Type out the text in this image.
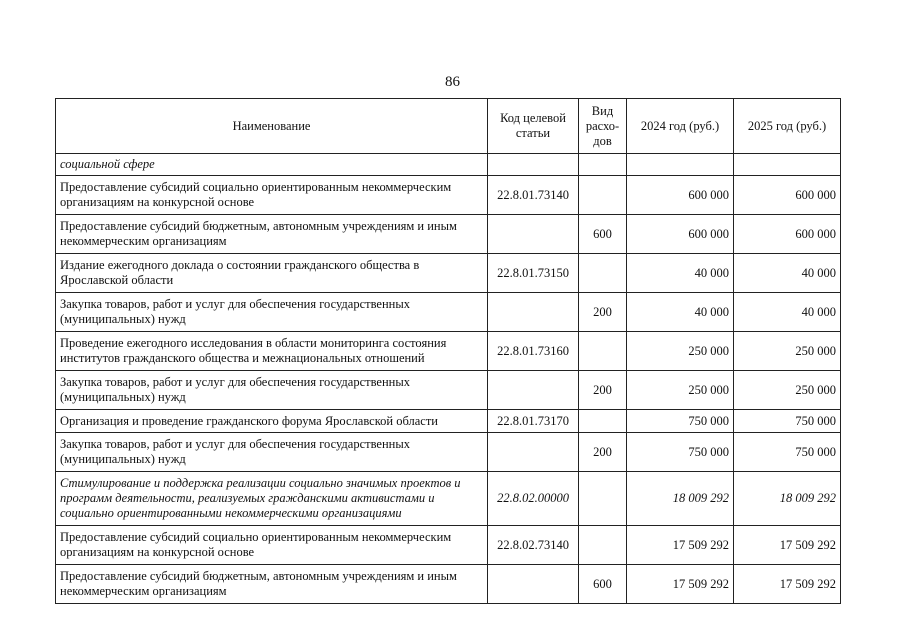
86
Наименование	Код целевой статьи	Вид расхо-дов	2024 год (руб.)	2025 год (руб.)
социальной сфере				
Предоставление субсидий социально ориентированным некоммерческим организациям на конкурсной основе	22.8.01.73140		600 000	600 000
Предоставление субсидий бюджетным, автономным учреждениям и иным некоммерческим организациям		600	600 000	600 000
Издание ежегодного доклада о состоянии гражданского общества в Ярославской области	22.8.01.73150		40 000	40 000
Закупка товаров, работ и услуг для обеспечения государственных (муниципальных) нужд		200	40 000	40 000
Проведение ежегодного исследования в области мониторинга состояния институтов гражданского общества и межнациональных отношений	22.8.01.73160		250 000	250 000
Закупка товаров, работ и услуг для обеспечения государственных (муниципальных) нужд		200	250 000	250 000
Организация и проведение гражданского форума Ярославской области	22.8.01.73170		750 000	750 000
Закупка товаров, работ и услуг для обеспечения государственных (муниципальных) нужд		200	750 000	750 000
Стимулирование и поддержка реализации социально значимых проектов и программ деятельности, реализуемых гражданскими активистами и социально ориентированными некоммерческими организациями	22.8.02.00000		18 009 292	18 009 292
Предоставление субсидий социально ориентированным некоммерческим организациям на конкурсной основе	22.8.02.73140		17 509 292	17 509 292
Предоставление субсидий бюджетным, автономным учреждениям и иным некоммерческим организациям		600	17 509 292	17 509 292
